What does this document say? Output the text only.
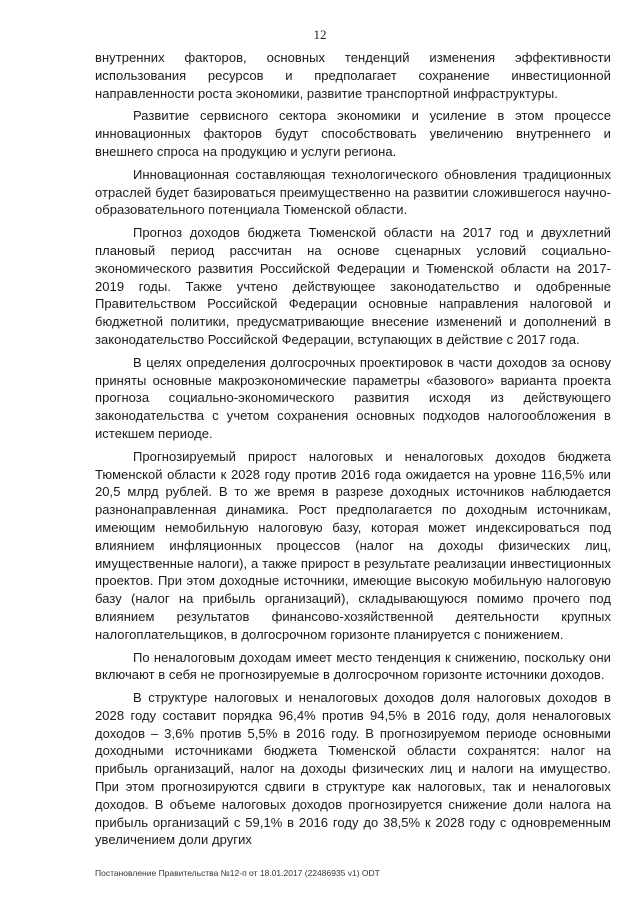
12

внутренних факторов, основных тенденций изменения эффективности использования ресурсов и предполагает сохранение инвестиционной направленности роста экономики, развитие транспортной инфраструктуры.

Развитие сервисного сектора экономики и усиление в этом процессе инновационных факторов будут способствовать увеличению внутреннего и внешнего спроса на продукцию и услуги региона.

Инновационная составляющая технологического обновления традиционных отраслей будет базироваться преимущественно на развитии сложившегося научно-образовательного потенциала Тюменской области.

Прогноз доходов бюджета Тюменской области на 2017 год и двухлетний плановый период рассчитан на основе сценарных условий социально-экономического развития Российской Федерации и Тюменской области на 2017-2019 годы. Также учтено действующее законодательство и одобренные Правительством Российской Федерации основные направления налоговой и бюджетной политики, предусматривающие внесение изменений и дополнений в законодательство Российской Федерации, вступающих в действие с 2017 года.

В целях определения долгосрочных проектировок в части доходов за основу приняты основные макроэкономические параметры «базового» варианта проекта прогноза социально-экономического развития исходя из действующего законодательства с учетом сохранения основных подходов налогообложения в истекшем периоде.

Прогнозируемый прирост налоговых и неналоговых доходов бюджета Тюменской области к 2028 году против 2016 года ожидается на уровне 116,5% или 20,5 млрд рублей. В то же время в разрезе доходных источников наблюдается разнонаправленная динамика. Рост предполагается по доходным источникам, имеющим немобильную налоговую базу, которая может индексироваться под влиянием инфляционных процессов (налог на доходы физических лиц, имущественные налоги), а также прирост в результате реализации инвестиционных проектов. При этом доходные источники, имеющие высокую мобильную налоговую базу (налог на прибыль организаций), складывающуюся помимо прочего под влиянием результатов финансово-хозяйственной деятельности крупных налогоплательщиков, в долгосрочном горизонте планируется с понижением.

По неналоговым доходам имеет место тенденция к снижению, поскольку они включают в себя не прогнозируемые в долгосрочном горизонте источники доходов.

В структуре налоговых и неналоговых доходов доля налоговых доходов в 2028 году составит порядка 96,4% против 94,5% в 2016 году, доля неналоговых доходов – 3,6% против 5,5% в 2016 году. В прогнозируемом периоде основными доходными источниками бюджета Тюменской области сохранятся: налог на прибыль организаций, налог на доходы физических лиц и налоги на имущество. При этом прогнозируются сдвиги в структуре как налоговых, так и неналоговых доходов. В объеме налоговых доходов прогнозируется снижение доли налога на прибыль организаций с 59,1% в 2016 году до 38,5% к 2028 году с одновременным увеличением доли других

Постановление Правительства №12-п от 18.01.2017 (22486935 v1) ODT
